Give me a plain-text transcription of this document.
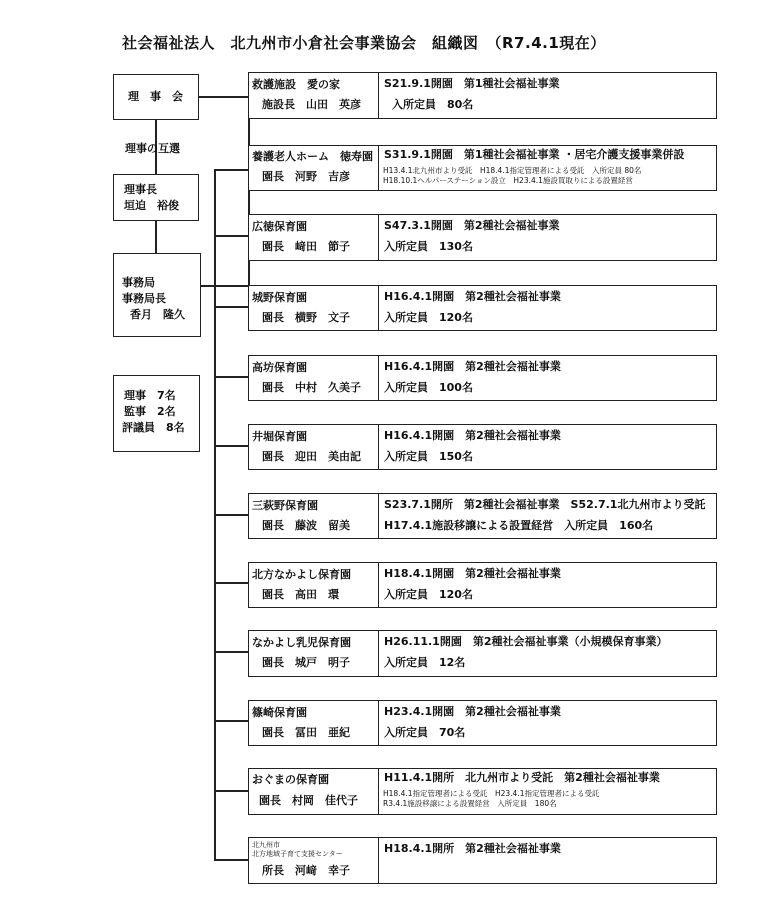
社会福祉法人　北九州市小倉社会事業協会　組織図　（R7.4.1現在）
理　事　会
理事の互選
理事長
垣迫　裕俊
事務局
事務局長
香月　隆久
理事　7名
監事　2名
評議員　8名
救護施設　愛の家
施設長　山田　英彦
S21.9.1開園　第1種社会福祉事業
入所定員　80名
養護老人ホーム　徳寿園
園長　河野　吉彦
S31.9.1開園　第1種社会福祉事業 ・居宅介護支援事業併設
H13.4.1北九州市より受託　H18.4.1指定管理者による受託　入所定員 80名
H18.10.1ヘルパーステーション設立　H23.4.1施設買取りによる設置経営
広徳保育園
園長　﨑田　節子
S47.3.1開園　第2種社会福祉事業
入所定員　130名
城野保育園
園長　横野　文子
H16.4.1開園　第2種社会福祉事業
入所定員　120名
高坊保育園
園長　中村　久美子
H16.4.1開園　第2種社会福祉事業
入所定員　100名
井堀保育園
園長　迎田　美由記
H16.4.1開園　第2種社会福祉事業
入所定員　150名
三萩野保育園
園長　藤波　留美
S23.7.1開所　第2種社会福祉事業　S52.7.1北九州市より受託
H17.4.1施設移譲による設置経営　入所定員　160名
北方なかよし保育園
園長　高田　環
H18.4.1開園　第2種社会福祉事業
入所定員　120名
なかよし乳児保育園
園長　城戸　明子
H26.11.1開園　第2種社会福祉事業（小規模保育事業）
入所定員　12名
篠崎保育園
園長　冨田　亜紀
H23.4.1開園　第2種社会福祉事業
入所定員　70名
おぐまの保育園
園長　村岡　佳代子
H11.4.1開所　北九州市より受託　第2種社会福祉事業
H18.4.1指定管理者による受託　H23.4.1指定管理者による受託
R3.4.1施設移譲による設置経営　入所定員　180名
北九州市
北方地域子育て支援センター
所長　河﨑　幸子
H18.4.1開所　第2種社会福祉事業
